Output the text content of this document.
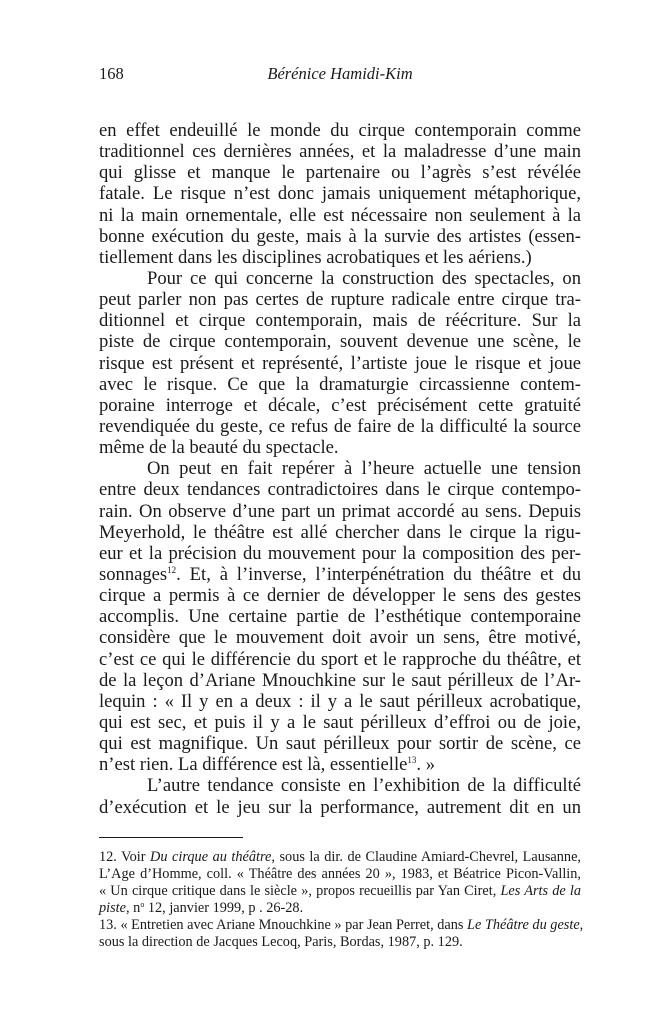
168	Bérénice Hamidi-Kim
en effet endeuillé le monde du cirque contemporain comme
traditionnel ces dernières années, et la maladresse d’une main
qui glisse et manque le partenaire ou l’agrès s’est révélée
fatale. Le risque n’est donc jamais uniquement métaphorique,
ni la main ornementale, elle est nécessaire non seulement à la
bonne exécution du geste, mais à la survie des artistes (essen-
tiellement dans les disciplines acrobatiques et les aériens.)
Pour ce qui concerne la construction des spectacles, on
peut parler non pas certes de rupture radicale entre cirque tra-
ditionnel et cirque contemporain, mais de réécriture. Sur la
piste de cirque contemporain, souvent devenue une scène, le
risque est présent et représenté, l’artiste joue le risque et joue
avec le risque. Ce que la dramaturgie circassienne contem-
poraine interroge et décale, c’est précisément cette gratuité
revendiquée du geste, ce refus de faire de la difficulté la source
même de la beauté du spectacle.
On peut en fait repérer à l’heure actuelle une tension
entre deux tendances contradictoires dans le cirque contempo-
rain. On observe d’une part un primat accordé au sens. Depuis
Meyerhold, le théâtre est allé chercher dans le cirque la rigu-
eur et la précision du mouvement pour la composition des per-
sonnages$^{12}$. Et, à l’inverse, l’interpénétration du théâtre et du
cirque a permis à ce dernier de développer le sens des gestes
accomplis. Une certaine partie de l’esthétique contemporaine
considère que le mouvement doit avoir un sens, être motivé,
c’est ce qui le différencie du sport et le rapproche du théâtre, et
de la leçon d’Ariane Mnouchkine sur le saut périlleux de l’Ar-
lequin : « Il y en a deux : il y a le saut périlleux acrobatique,
qui est sec, et puis il y a le saut périlleux d’effroi ou de joie,
qui est magnifique. Un saut périlleux pour sortir de scène, ce
n’est rien. La différence est là, essentielle$^{13}$. »
L’autre tendance consiste en l’exhibition de la difficulté
d’exécution et le jeu sur la performance, autrement dit en un
12. Voir Du cirque au théâtre, sous la dir. de Claudine Amiard-Chevrel, Lausanne,
L’Age d’Homme, coll. « Théâtre des années 20 », 1983, et Béatrice Picon-Vallin,
« Un cirque critique dans le siècle », propos recueillis par Yan Ciret, Les Arts de la
piste, n$^o$ 12, janvier 1999, p . 26-28.
13. « Entretien avec Ariane Mnouchkine » par Jean Perret, dans Le Théâtre du geste,
sous la direction de Jacques Lecoq, Paris, Bordas, 1987, p. 129.
